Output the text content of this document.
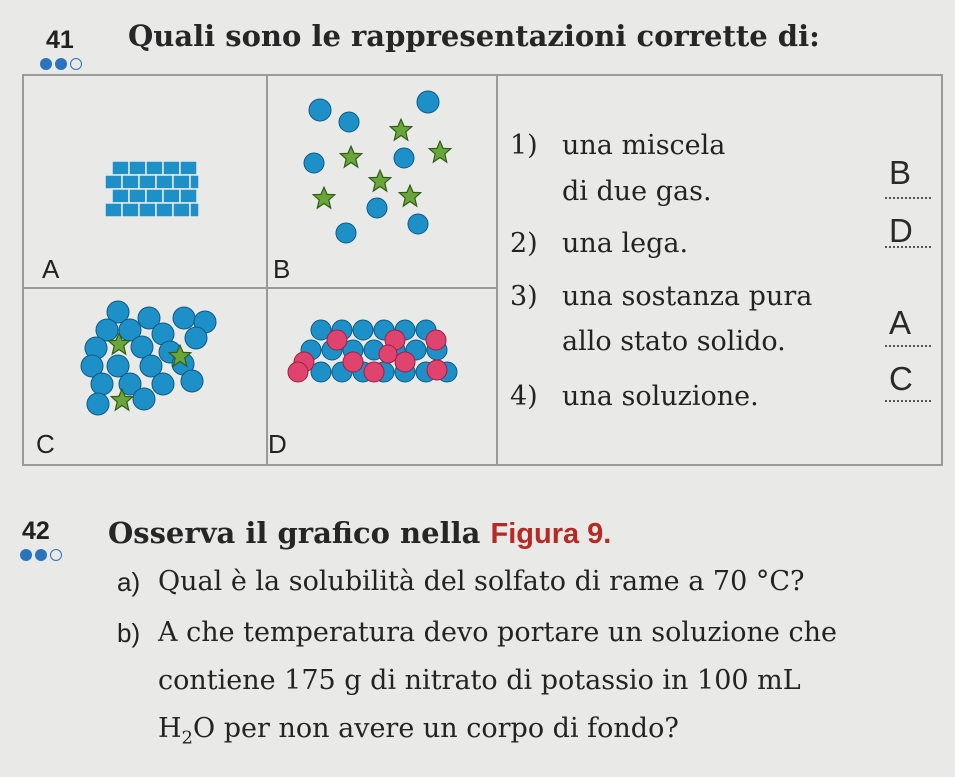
41 Quali sono le rappresentazioni corrette di:
A	B
C	D
1) una miscela
di due gas.
2) una lega.
3) una sostanza pura
allo stato solido.
4) una soluzione.
B
D
A
C
42 Osserva il grafico nella Figura 9.
a) Qual è la solubilità del solfato di rame a 70 °C?
b) A che temperatura devo portare un soluzione che
contiene 175 g di nitrato di potassio in 100 mL
$H_2O$ per non avere un corpo di fondo?
